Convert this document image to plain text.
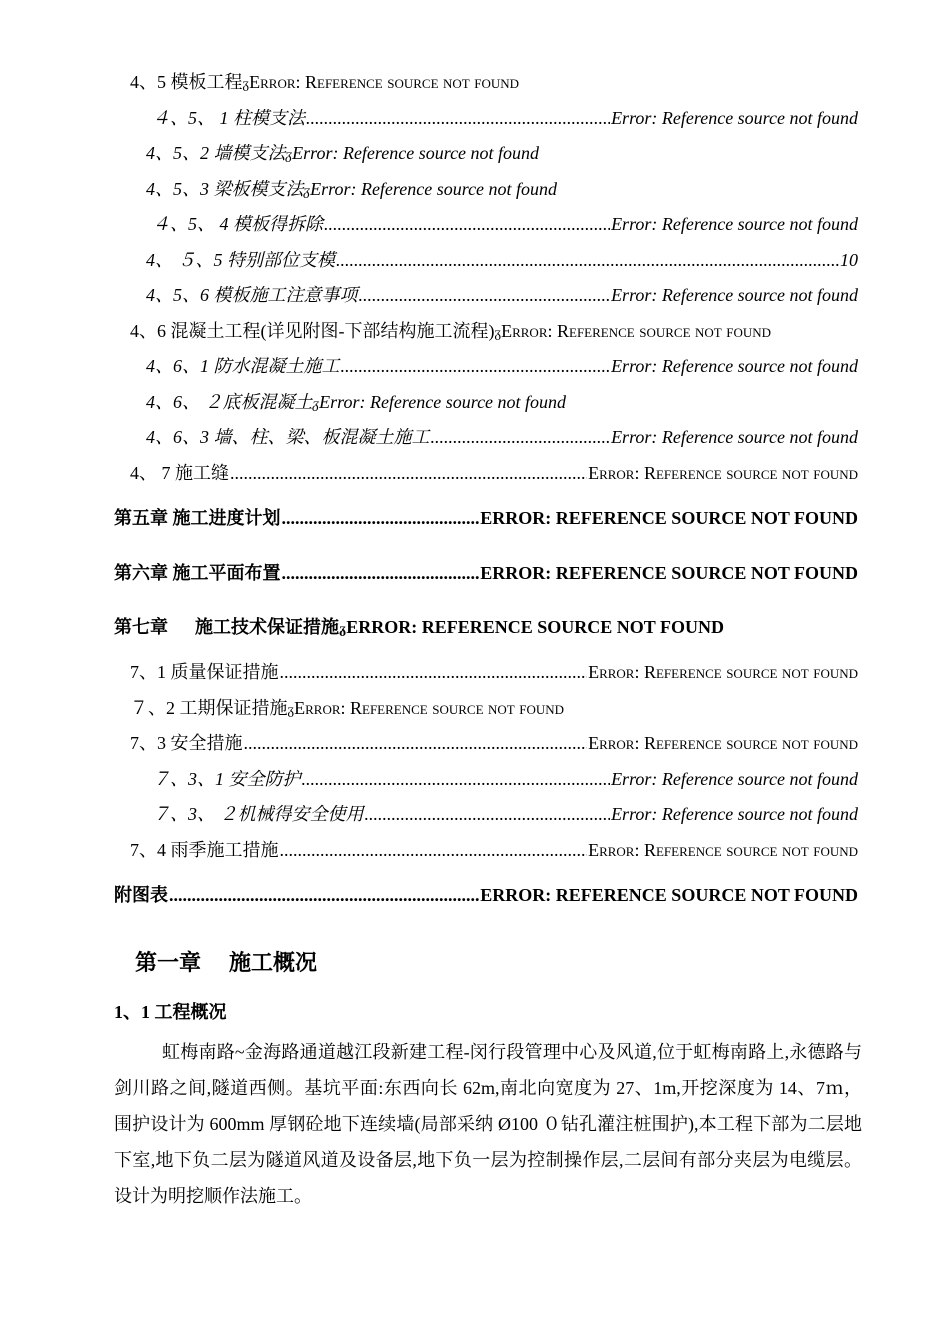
4、5 模板工程ᵹError: Reference source not found
４、5、 1 柱模支法 .....	Error: Reference source not found
4、5、2 墙模支法ᵹError: Reference source not found
4、5、3 梁板模支法ᵹError: Reference source not found
４、5、 4 模板得拆除 .....	Error: Reference source not found
4、 ５、5 特别部位支模 .....	10
4、5、6 模板施工注意事项 .....	Error: Reference source not found
4、6 混凝土工程(详见附图-下部结构施工流程)ᵹError: Reference source not found
4、6、1 防水混凝土施工 .....	Error: Reference source not found
4、6、 ２底板混凝土ᵹError: Reference source not found
4、6、3 墙、柱、梁、板混凝土施工 .....	Error: Reference source not found
4、 7 施工缝 .....	Error: Reference source not found
第五章 施工进度计划 .....	ERROR: REFERENCE SOURCE NOT FOUND
第六章 施工平面布置 .....	ERROR: REFERENCE SOURCE NOT FOUND
第七章      施工技术保证措施ᵹERROR: REFERENCE SOURCE NOT FOUND
7、1 质量保证措施 .....	Error: Reference source not found
７、2 工期保证措施ᵹError: Reference source not found
7、3 安全措施 .....	Error: Reference source not found
７、3、1 安全防护 .....	Error: Reference source not found
７、3、 ２机械得安全使用 .....	Error: Reference source not found
7、4 雨季施工措施 .....	Error: Reference source not found
附图表 .....	ERROR: REFERENCE SOURCE NOT FOUND
第一章 施工概况
1、1 工程概况
虹梅南路~金海路通道越江段新建工程-闵行段管理中心及风道,位于虹梅南路上,永德路与剑川路之间,隧道西侧。基坑平面:东西向长 62m,南北向宽度为 27、1m,开挖深度为 14、7ｍ， 围护设计为 600mm 厚钢砼地下连续墙(局部采纳 Ø100 ０钻孔灌注桩围护),本工程下部为二层地下室,地下负二层为隧道风道及设备层,地下负一层为控制操作层,二层间有部分夹层为电缆层。设计为明挖顺作法施工。
